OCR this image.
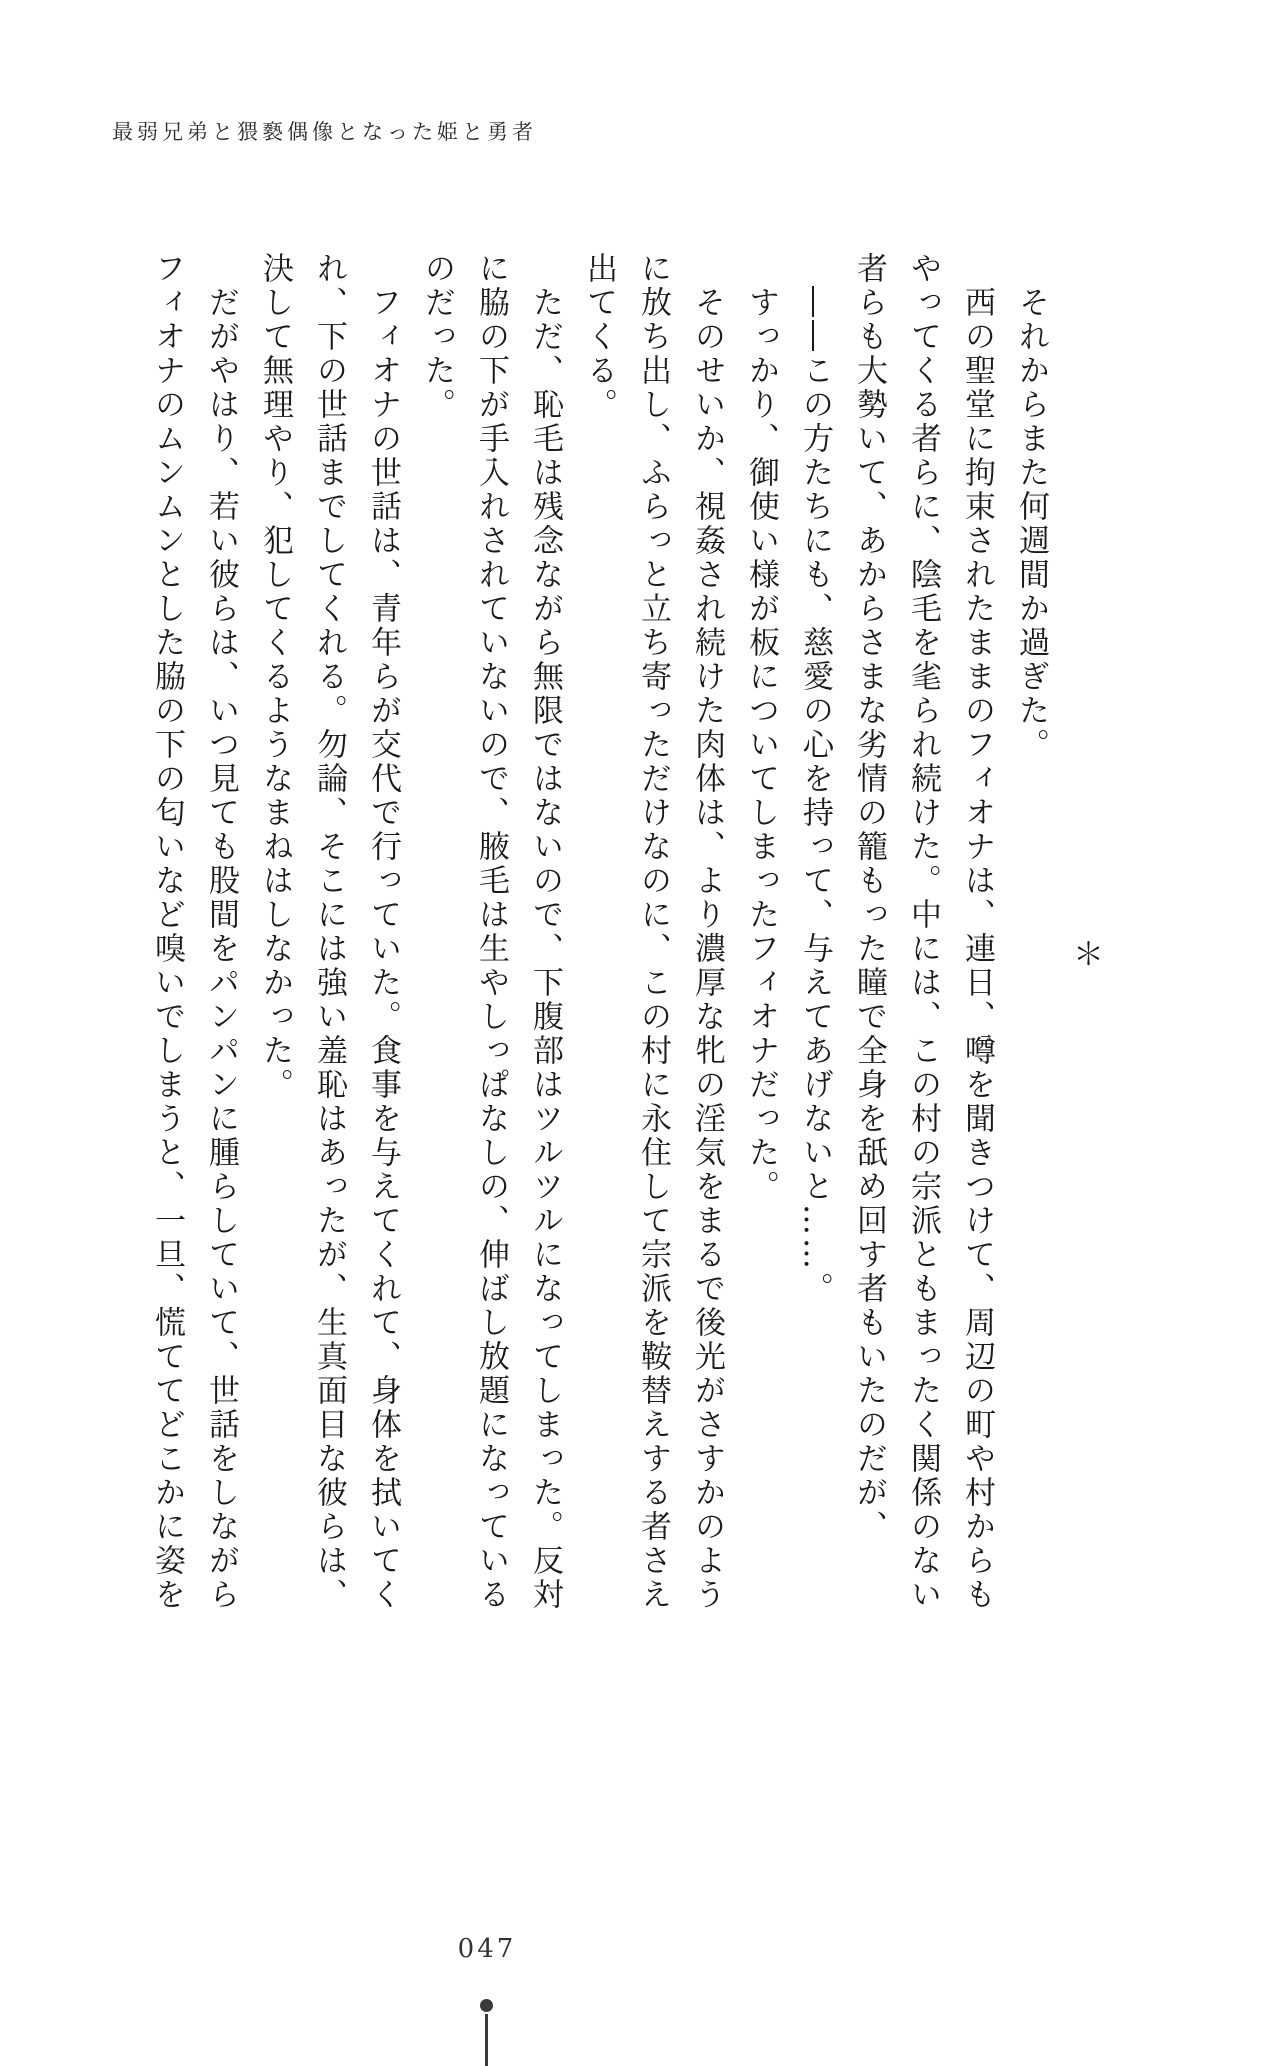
最弱兄弟と猥褻偶像となった姫と勇者
＊
　それからまた何週間か過ぎた。
　西の聖堂に拘束されたままのフィオナは、連日、噂を聞きつけて、周辺の町や村からも
やってくる者らに、陰毛を毟られ続けた。中には、この村の宗派ともまったく関係のない
者らも大勢いて、あからさまな劣情の籠もった瞳で全身を舐め回す者もいたのだが、
　――この方たちにも、慈愛の心を持って、与えてあげないと……。
　すっかり、御使い様が板についてしまったフィオナだった。
　そのせいか、視姦され続けた肉体は、より濃厚な牝の淫気をまるで後光がさすかのよう
に放ち出し、ふらっと立ち寄っただけなのに、この村に永住して宗派を鞍替えする者さえ
出てくる。
　ただ、恥毛は残念ながら無限ではないので、下腹部はツルツルになってしまった。反対
に脇の下が手入れされていないので、腋毛は生やしっぱなしの、伸ばし放題になっている
のだった。
　フィオナの世話は、青年らが交代で行っていた。食事を与えてくれて、身体を拭いてく
れ、下の世話までしてくれる。勿論、そこには強い羞恥はあったが、生真面目な彼らは、
決して無理やり、犯してくるようなまねはしなかった。
　だがやはり、若い彼らは、いつ見ても股間をパンパンに腫らしていて、世話をしながら
フィオナのムンムンとした脇の下の匂いなど嗅いでしまうと、一旦、慌ててどこかに姿を
047
